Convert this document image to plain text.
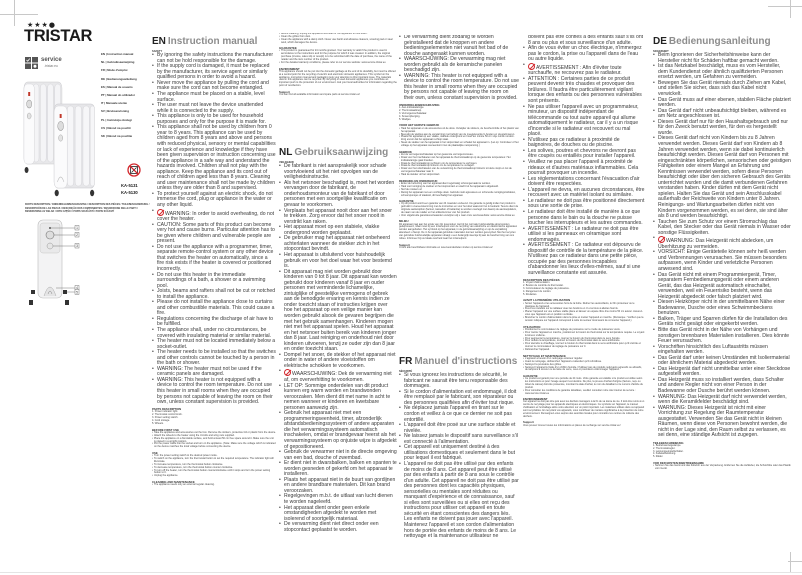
★★★●
TRISTAR
service
.tristar.eu
EN | Instruction manual
NL | Gebruiksaanwijzing
FR | Mode d'emploi
DE | Bedienungsanleitung
ES | Manual de usuario
PT | Manual do utilizador
IT | Manuale utente
SV | Bruksanvisning
PL | Instrukcja obsługi
CS | Návod na použití
SK | Návod na použitie
KA-5131
KA-5130
PARTS DESCRIPTION / ONDERDELENBESCHRIJVING / DESCRIPTION DES PIÈCES / TEILEBESCHREIBUNG / DESCRIPCIÓN DE LAS PIEZAS / DESCRIÇÃO DOS COMPONENTES / DESCRIZIONE DELLE PARTI / BESKRIVNING AV DELAR / OPIS CZĘŚCI / POPIS SOUČÁSTÍ / POPIS SÚČASTÍ
1
2
3
4
5
EN Instruction manual
SAFETY
• By ignoring the safety instructions the manufacturer can not be hold responsible for the damage.
• If the supply cord is damaged, it must be replaced by the manufacturer, its service agent or similarly qualified persons in order to avoid a hazard.
• Never move the appliance by pulling the cord and make sure the cord can not become entangled.
• The appliance must be placed on a stable, level surface.
• The user must not leave the device unattended while it is connected to the supply.
• This appliance is only to be used for household purposes and only for the purpose it is made for.
• This appliance shall not be used by children from 0 year to 8 years. This appliance can be used by children aged from 8 years and above and persons with reduced physical, sensory or mental capabilities or lack of experience and knowledge if they have been given supervision or instruction concerning use of the appliance in a safe way and understand the hazards involved. Children shall not play with the appliance. Keep the appliance and its cord out of reach of children aged less than 8 years. Cleaning and user maintenance shall not be made by children unless they are older than 8 and supervised.
• To protect yourself against an electric shock, do not immerse the cord, plug or appliance in the water or any other liquid.
• WARNING: In order to avoid overheating, do not cover the heater.
• CAUTION: Some parts of this product can become very hot and cause burns. Particular attention has to be given where children and vulnerable people are present.
• Do not use the appliance with a programmer, timer, separate remote-control system or any other device that switches the heater on automatically, since a fire risk exists if the heater is covered or positioned incorrectly.
• Do not use this heater in the immediate surroundings of a bath, a shower or a swimming pool.
• Joists, beams and rafters shall not be cut or notched to install the appliance.
• Please do not install the appliance close to curtains and other combustible materials. This could cause a fire.
• Regulations concerning the discharge of air have to be fulfilled.
• The appliance shall, under no circumstances, be covered with insulating material or similar material.
• The heater must not be located immediately below a socket-outlet.
• The heater needs to be installed so that the switches and other controls cannot be touched by a person in the bath or shower.
• WARNING: The heater must not be used if the ceramic panels are damaged.
• WARNING: This heater is not equipped with a device to control the room temperature. Do not use this heater in small rooms when they are occupied by persons not capable of leaving the room on their own, unless constant supervision is provided.
PARTS DESCRIPTION
1. Power indicator light.
2. Thermostat control knob.
3. Power setting switch.
4. Cord storage.
5. Wheels.
BEFORE FIRST USE
• Take the appliance and accessories out the box. Remove the stickers, protective foil or plastic from the device.
• Attach the wheels to the heater using the U-bolts and wing nuts supplied.
• Place the appliance on a flat stable surface, and hold at least 50 cm free space around it. Make sure the unit is placed in a upright position.
• Put the power cable into the socket and turn on the appliance. (Note: Make sure the voltage which is indicated on the device matches the local voltage before connecting the device.
USE
• Turn the power setting switch to the desired power mode.
• To switch on the appliance, turn the thermostat button to set the required temperature. The indicator light will illuminate.
• To increase temperature, turn the thermostat button clockwise.
• To decrease temperature, turn the thermostat button counter clockwise.
• To turn off the heater, turn the thermostat button counterclockwise until it stops and turn the power setting button to 0.
• Unplug the appliance.
CLEANING AND MAINTENANCE
• The appliance needs only an external regular cleaning.
• Before cleaning, unplug the appliance and wait for the appliance to cool down.
• Clean the grilles from dust.
• Clean the appliance with a damp cloth. Never use harsh and abrasive cleaners, scouring pad or steel wool, which damages the device.
GUARANTEE
• This product is guaranteed for 24 months granted. Your warranty is valid if the product is used in accordance to the instructions and for the purpose for which it was created. In addition, the original purchase (invoice, sales slip or receipt) is to be submitted with the date of purchase, the name of the retailer and the item number of the product.
• For the detailed warranty conditions, please refer to our service website: www.service.tristar.eu
ENVIRONMENT
This appliance should not be put into the domestic garbage at the end of its durability, but must be offered at a central point for the recycling of electric and electronic domestic appliances. This symbol on the appliance, instruction manual and packaging puts your attention to this important issue. The materials used in this appliance can be recycled. By recycling of used domestic appliances you contribute an important push to the protection of our environment. Ask your local authorities for information regarding the point of recollection.
Support
You can find all available information and spare parts at service.tristar.eu!
NL Gebruiksaanwijzing
VEILIGHEID
• De fabrikant is niet aansprakelijk voor schade voortvloeiend uit het niet opvolgen van de veiligheidsinstructie.
• Als het netsnoer beschadigd is, moet het worden vervangen door de fabrikant, de onderhoudsmonteur van de fabrikant of door personen met een soortgelijke kwalificatie om gevaar te voorkomen.
• Verplaats het apparaat nooit door aan het snoer te trekken. Zorg ervoor dat het snoer nooit in verstrikt kan raken.
• Het apparaat moet op een stabiele, vlakke ondergrond worden geplaatst.
• De gebruiker mag het apparaat niet onbeheerd achterlaten wanneer de stekker zich in het stopcontact bevindt.
• Het apparaat is uitsluitend voor huishoudelijk gebruik en voor het doel waar het voor bestemd is.
• Dit apparaat mag niet worden gebruikt door kinderen van 0 tot 8 jaar. Dit apparaat kan worden gebruikt door kinderen vanaf 8 jaar en ouder personen met verminderde lichamelijke, zintuiglijke of geestelijke vermogens of gebrek aan de benodigde ervaring en kennis indien ze onder toezicht staan of instructies krijgen over hoe het apparaat op een veilige manier kan worden gebruikt alsook de gevaren begrijpen die met het gebruik samenhangen. Kinderen mogen niet met het apparaat spelen. Houd het apparaat en het netsnoer buiten bereik van kinderen jonger dan 8 jaar. Laat reiniging en onderhoud niet door kinderen uitvoeren, tenzij ze ouder zijn dan 8 jaar en onder toezicht staan.
• Dompel het snoer, de stekker of het apparaat niet onder in water of andere vloeistoffen om elektrische schokken te voorkomen.
• WAARSCHUWING: Dek de verwarming niet af, om oververhitting te voorkomen.
• LET OP: Sommige onderdelen van dit product kunnen erg warm worden en brandwonden veroorzaken. Men dient dit met name in acht te nemen wanneer er kinderen en kwetsbare personen aanwezig zijn.
• Gebruik het apparaat niet met een programmeringseenheid, timer, afzonderlijk afstandsbedieningssysteem of andere apparaten die het verwarmingssysteem automatisch inschakelen, omdat er brandgevaar heerst als het verwarmingssysteem op onjuiste wijze is afgedekt of gepositioneerd.
• Gebruik de verwarmer niet in de directe omgeving van een bad, douche of zwembad.
• Er dient niet in dwarsbalken, balken en spanten te worden gesneden of gekerfd om het apparaat te installeren.
• Plaats het apparaat niet in de buurt van gordijnen en andere brandbare materialen. Dit kan brand veroorzaken.
• Regelgevingen m.b.t. de uitlaat van lucht dienen te worden nageleefd.
• Het apparaat dient onder geen enkele omstandigheden afgedekt te worden met isolerend of soortgelijk materiaal.
• De verwarming dient niet direct onder een stopcontact geplaatst te worden.
• De verwarming dient zodanig te worden geïnstalleerd dat de knoppen en andere bedieningselementen niet vanuit het bad of de douche aangeraakt kunnen worden.
• WAARSCHUWING: De verwarming mag niet worden gebruikt als de keramische panelen beschadigd zijn.
• WARNING: This heater is not equipped with a device to control the room temperature. Do not use this heater in small rooms when they are occupied by persons not capable of leaving the room on their own, unless constant supervision is provided.
ONDERDELENBESCHRIJVING
1. Aan-indicatielampje.
2. Thermostaatknop.
3. Vermogensschakelaar.
4. Snoeropberging.
5. Wieltjes.
VOOR HET EERSTE GEBRUIK
• Haal het apparaat en de accessoires uit de doos. Verwijder de stickers, de beschermfolie of het plastic van het apparaat.
• Bevestig de wieltjes aan de verwarming met behulp van de meegeleverde U-bouten en vleugelmoeren.
• Plaats het apparaat op een vlakke, stabiele ondergrond en houd ten minste 50 cm vrije ruimte rondom. Zorg ervoor dat het apparaat rechtop staat.
• Steek de stekker van het apparaat in het stopcontact en schakel het apparaat in. (Let op: Controleer of het voltage op het apparaat overeenkomt met de plaatselijke netspanning.)
GEBRUIK
• Zet de vermogensschakelaar op het gewenste vermogensniveau.
• Draai voor het inschakelen van het apparaat de thermostaatknop op de gewenste temperatuur. Het indicatielampje gaat branden.
• Draai de thermostaatknop rechtsom om de temperatuur te verhogen.
• Draai de thermostaatknop linksom om de temperatuur te verlagen.
• Draai voor het uitschakelen van de verwarming de thermostaatknop linksom tot deze stopt en zet de vermogensschakelaar naar 0.
• Haal de stekker uit het stopcontact.
REINIGING EN ONDERHOUD
• Enkel de behuizing van het apparaat dient regelmatig schoongemaakt te worden.
• Haal voor reiniging de stekker uit het stopcontact en wacht tot het apparaat is afgekoeld.
• Stof de roosters af.
• Reinig het apparaat met een vochtige doek. Gebruik nooit agressieve en schurende reinigingsmiddelen, schuursponsjes of staalwol, dit beschadigt het apparaat.
GARANTIE
• Op dit product wordt een garantie van 24 maanden verleend. Uw garantie is geldig indien het product is gebruikt in overeenstemming met de instructies en voor het doel waarvoor het is bedoeld. Tevens dient de originele aankoopbon (factuur, kassabon of kwitantie) te worden overlegd met daarop de aankoopdatum, de naam van de retailer en het artikelnummer van het product.
• Voor uitgebreide garantievoorwaarden verwijzen wij u naar onze servicewebsite: www.service.tristar.eu
MILIEU
Dit apparaat mag aan het einde van zijn levensduur niet bij het normale huishoudelijke afval worden gedeponeerd, maar moet bij een inzamelpunt voor de recycling van elektrische en elektronische apparaten worden aangeboden. Het symbool op het apparaat, in de gebruiksaanwijzing en op de verpakking attendeert u hierop. De in het apparaat gebruikte materialen kunnen worden gerecycled. Met het recyclen van gebruikte huishoudelijke apparaten draagt u een belangrijk steentje bij aan de bescherming van ons milieu. Informeer bij uw lokale overheid naar het inzamelpunt.
Support
U kunt alle beschikbare informatie en reserveonderdelen vinden op service.tristar.eu!
FR Manuel d'instructions
SÉCURITÉ
• Si vous ignorez les instructions de sécurité, le fabricant ne saurait être tenu responsable des dommages.
• Si le cordon d'alimentation est endommagé, il doit être remplacé par le fabricant, son réparateur ou des personnes qualifiées afin d'éviter tout risque.
• Ne déplacez jamais l'appareil en tirant sur le cordon et veillez à ce que ce dernier ne soit pas entortillé.
• L'appareil doit être posé sur une surface stable et nivelée.
• Ne laissez jamais le dispositif sans surveillance s'il est connecté à l'alimentation.
• Cet appareil est uniquement destiné à des utilisations domestiques et seulement dans le but pour lequel il est fabriqué.
• L'appareil ne doit pas être utilisé par des enfants de moins de 8 ans. Cet appareil peut être utilisé par des enfants à partir de 8 ans sous le contrôle d'un adulte. Cet appareil ne doit pas être utilisé par des personnes dont les capacités physiques, sensorielles ou mentales sont réduites ou manquant d'expérience et de connaissance, sauf si elles sont surveillées ou si elles ont reçu des instructions pour utiliser cet appareil en toute sécurité en étant conscientes des dangers liés. Les enfants ne doivent pas jouer avec l'appareil. Maintenez l'appareil et son cordon d'alimentation hors de portée des enfants de moins de 8 ans. Le nettoyage et la maintenance utilisateur ne
doivent pas être confiés à des enfants sauf s'ils ont 8 ans ou plus et sous surveillance d'un adulte.
• Afin de vous éviter un choc électrique, n'immergez pas le cordon, la prise ou l'appareil dans de l'eau ou autre liquide.
• AVERTISSEMENT : Afin d'éviter toute surchauffe, ne recouvrez pas le radiateur.
• ATTENTION : Certaines parties de ce produit peuvent devenir très chaudes et provoquer des brûlures. Il faudra être particulièrement vigilant lorsque des enfants ou des personnes vulnérables sont présents.
• Ne pas utiliser l'appareil avec un programmateur, minuteur, un dispositif indépendant de télécommande ou tout autre appareil qui allume automatiquement le radiateur, car il y a un risque d'incendie si le radiateur est recouvert ou mal placé.
• N'utilisez pas ce radiateur à proximité de baignoires, de douches ou de piscine.
• Les solives, poutres et chevrons ne devront pas être coupés ou entaillés pour installer l'appareil.
• Veuillez ne pas placer l'appareil à proximité de rideaux et d'autres matériaux inflammables. Cela pourrait provoquer un incendie.
• Les réglementations concernant l'évacuation d'air doivent être respectées.
• L'appareil ne devra, en aucunes circonstances, être recouvert avec un matériel isolant ou similaire.
• Le radiateur ne doit pas être positionné directement sous une sortie de prise.
• Le radiateur doit être installé de manière à ce que personne dans le bain ou la douche ne puisse toucher les interrupteurs et les autres commandes.
• AVERTISSEMENT : Le radiateur ne doit pas être utilisé si les panneaux en céramique sont endommagés.
• AVERTISSEMENT : Ce radiateur est dépourvu de dispositif de contrôle de la température de la pièce. N'utilisez pas ce radiateur dans une petite pièce, occupée par des personnes incapables d'abandonner les lieux d'elles-mêmes, sauf si une surveillance constante est assurée.
DESCRIPTION DES PIÈCES
1. Voyant d'alimentation.
2. Bouton de contrôle du thermostat.
3. Commutateur de réglage de puissance.
4. Rangement du cordon.
5. Roulettes.
AVANT LA PREMIÈRE UTILISATION
• Sortez l'appareil et les accessoires hors de la boîte. Retirez les autocollants, le film protecteur ou le plastique de l'appareil.
• Fixez les roulettes sur le radiateur avec les boulons en U et écrous à ailettes fournis.
• Placez l'appareil sur une surface stable plane et laissez un espace libre d'au moins 50 cm autour. Assurez-vous que l'appareil est en position verticale.
• Branchez le cordon d'alimentation dans la prise et mettez l'appareil en marche. (Remarque : Vérifiez que la tension indiquée sur l'appareil correspond à celle du secteur local avant de connecter l'appareil.)
UTILISATION
• Positionnez le commutateur de réglage de puissance sur le mode de puissance voulu.
• Pour mettre l'appareil en marche, positionnez le bouton du thermostat sur la température requise. Le voyant lumineux s'allume.
• Pour augmenter la température, tournez le bouton du thermostat dans le sens horaire.
• Pour réduire la température, tournez le bouton du thermostat dans le sens antihoraire.
• Pour éteindre le chauffage, tournez le bouton du thermostat dans le sens antihoraire pour qu'il s'arrête et tournez le commutateur de réglage de puissance sur 0.
• Débranchez l'appareil.
NETTOYAGE ET MAINTENANCE
• L'appareil a besoin d'un nettoyage extérieur régulier.
• Avant le nettoyage, débranchez l'appareil et attendez qu'il refroidisse.
• Nettoyez la poussière des grilles.
• Nettoyez l'appareil à l'aide d'un chiffon humide. N'utilisez pas de produits nettoyants agressifs ou abrasifs, de tampons à récurer ou de laine de verre, ceux-ci pourraient endommager l'appareil.
GARANTIE
• Ce produit est garanti pour une période de 24 mois. Votre garantie est valable si le produit est utilisé selon les instructions et pour l'usage auquel il est destiné. De plus, la preuve d'achat d'origine (facture, reçu ou ticket de caisse) doit être présentée, montrant la date d'achat, le nom du détaillant et le numéro d'article du produit.
• Pour consulter les conditions de garantie détaillées, veuillez consulter notre site Internet de service : www.service.tristar.eu
ENVIRONNEMENT
Cet appareil ne doit pas être jeté avec les déchets ménagers à la fin de sa durée de vie. Il doit être remis à un centre de recyclage pour les appareils électriques et électroniques. Ce symbole sur l'appareil, le manuel d'utilisation et l'emballage attire votre attention sur un point important. Les matériaux utilisés dans cet appareil sont recyclables. En recyclant vos appareils, vous contribuez de manière significative à la protection de notre environnement. Renseignez-vous auprès des autorités locales pour connaître les centres de collecte des déchets.
Support
Vous pouvez trouver toutes les informations et pièces de rechange sur service.tristar.eu !
DE Bedienungsanleitung
SICHERHEIT
• Beim Ignorieren der Sicherheitshinweise kann der Hersteller nicht für Schäden haftbar gemacht werden.
• Ist das Netzkabel beschädigt, muss es vom Hersteller, dem Kundendienst oder ähnlich qualifizierten Personen ersetzt werden, um Gefahren zu vermeiden.
• Bewegen Sie das Gerät niemals durch Ziehen am Kabel, und stellen Sie sicher, dass sich das Kabel nicht verwickelt.
• Das Gerät muss auf einer ebenen, stabilen Fläche platziert werden.
• Das Gerät darf nicht unbeaufsichtigt bleiben, während es am Netz angeschlossen ist.
• Dieses Gerät darf nur für den Haushaltsgebrauch und nur für den Zweck benutzt werden, für den es hergestellt wurde.
• Dieses Gerät darf nicht von Kindern bis zu 8 Jahren verwendet werden. Dieses Gerät darf von Kindern ab 8 Jahren verwendet werden, wenn sie dabei kontinuierlich beaufsichtigt werden. Dieses Gerät darf von Personen mit eingeschränkten körperlichen, sensorischen oder geistigen Fähigkeiten oder einem Mangel an Erfahrung und Kenntnissen verwendet werden, sofern diese Personen beaufsichtigt oder über den sicheren Gebrauch des Geräts unterrichtet wurden und die damit verbundenen Gefahren verstanden haben. Kinder dürfen mit dem Gerät nicht spielen. Halten Sie das Gerät und sein Anschlusskabel außerhalb der Reichweite von Kindern unter 8 Jahren. Reinigungs- und Wartungsarbeiten dürfen nicht von Kindern vorgenommen werden, es sei denn, sie sind älter als 8 und werden beaufsichtigt.
• Tauchen Sie zum Schutz vor einem Stromschlag das Kabel, den Stecker oder das Gerät niemals in Wasser oder sonstige Flüssigkeiten.
• WARNUNG: Das Heizgerät nicht abdecken, um Überhitzung zu vermeiden.
• VORSICHT: Einige Geräteteile können sehr heiß werden und Verbrennungen verursachen. Sie müssen besonders aufpassen, wenn Kinder und verletzliche Personen anwesend sind.
• Das Gerät nicht mit einem Programmiergerät, Timer, separatem Fernbedienungsgerät oder einem anderen Gerät, das das Heizgerät automatisch einschaltet, verwenden, weil ein Feuerrisiko besteht, wenn das Heizgerät abgedeckt oder falsch platziert wird.
• Diesen Heizkörper nicht in der unmittelbaren Nähe einer Badewanne, Dusche oder eines Schwimmbeckens benutzen.
• Balken, Träger und Sparren dürfen für die Installation des Geräts nicht gesägt oder eingekerbt werden.
• Bitte das Gerät nicht in der Nähe von Vorhängen und sonstigen brennbaren Materialien installieren. Dies könnte Feuer verursachen.
• Vorschriften hinsichtlich des Luftaustritts müssen eingehalten werden.
• Das Gerät darf unter keinen Umständen mit Isoliermaterial oder ähnlichem Material abgedeckt werden.
• Das Heizgerät darf nicht unmittelbar unter einer Steckdose aufgestellt werden.
• Das Heizgerät muss so installiert werden, dass Schalter und andere Regler nicht von einer Person in der Badewanne oder Dusche berührt werden können.
• WARNUNG: Das Heizgerät darf nicht verwendet werden, wenn die Keramikfelder beschädigt sind.
• WARNUNG: Dieses Heizgerät ist nicht mit einer Vorrichtung zur Regelung der Raumtemperatur ausgestattet. Verwenden Sie das Gerät nicht in kleinen Räumen, wenn diese von Personen bewohnt werden, die nicht in der Lage sind, den Raum selbst zu verlassen, es sei denn, eine ständige Aufsicht ist zugegen.
TEILEBESCHREIBUNG
1. Betriebsanzeigelampe.
2. Thermostatregler.
3. Leistungseinstellschalter.
4. Kabelaufwicklung.
5. Räder.
VOR DER ERSTEN INBETRIEBNAHME
• Nehmen Sie das Gerät und das Zubehör aus der Verpackung. Entfernen Sie die Aufkleber, die Schutzfolie oder das Plastik vom Gerät.
